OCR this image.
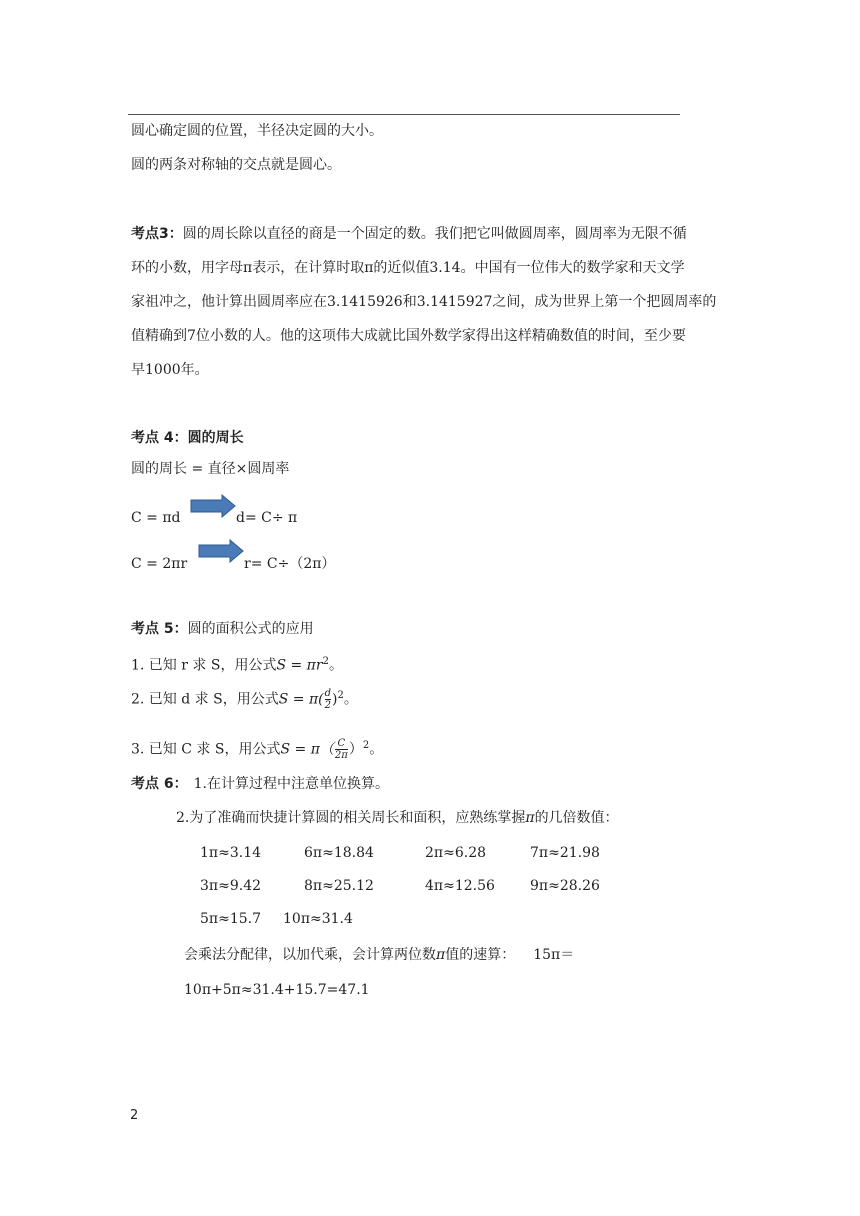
圆心确定圆的位置，半径决定圆的大小。
圆的两条对称轴的交点就是圆心。
考点3：圆的周长除以直径的商是一个固定的数。我们把它叫做圆周率，圆周率为无限不循
环的小数，用字母π表示，在计算时取π的近似值3.14。中国有一位伟大的数学家和天文学
家祖冲之，他计算出圆周率应在3.1415926和3.1415927之间，成为世界上第一个把圆周率的
值精确到7位小数的人。他的这项伟大成就比国外数学家得出这样精确数值的时间，至少要
早1000年。
考点 4：圆的周长
圆的周长 = 直径×圆周率
C = πd	d= C÷ π
C = 2πr	r= C÷（2π）
考点 5：圆的面积公式的应用
1. 已知 r 求 S，用公式$S = \pi r^2$。
2. 已知 d 求 S，用公式$S = \pi( \frac{d}{2} )^2$。
3. 已知 C 求 S，用公式$S = \pi( \frac{C}{2\pi} )^2$。
考点 6： 1.在计算过程中注意单位换算。
2.为了准确而快捷计算圆的相关周长和面积，应熟练掌握π的几倍数值：
1π≈3.14	6π≈18.84	2π≈6.28	7π≈21.98
3π≈9.42	8π≈25.12	4π≈12.56	9π≈28.26
5π≈15.7 10π≈31.4
会乘法分配律，以加代乘，会计算两位数π值的速算： 15π＝
10π+5π≈31.4+15.7=47.1
2
